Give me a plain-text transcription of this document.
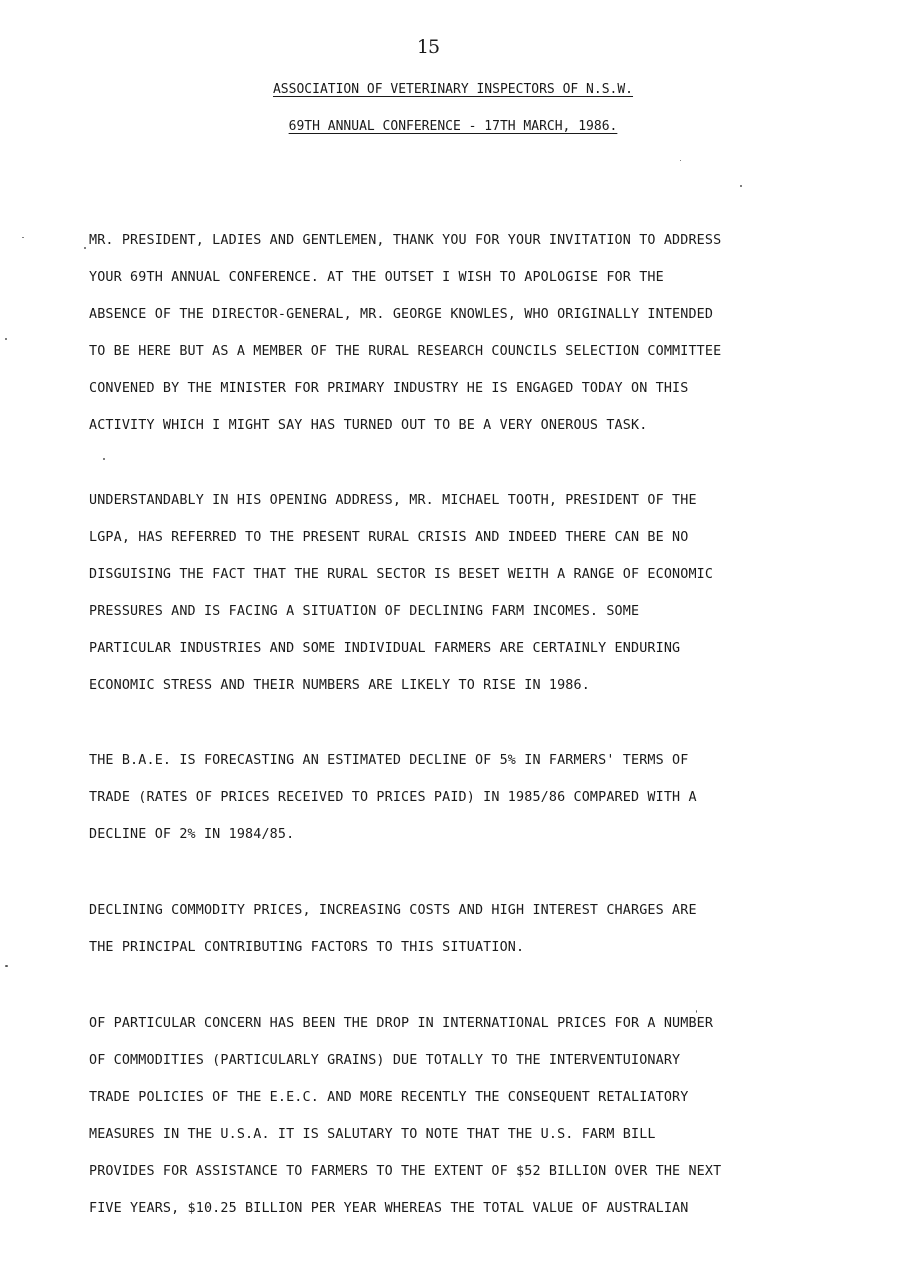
15
ASSOCIATION OF VETERINARY INSPECTORS OF N.S.W.
69TH ANNUAL CONFERENCE - 17TH MARCH, 1986.
MR. PRESIDENT, LADIES AND GENTLEMEN, THANK YOU FOR YOUR INVITATION TO ADDRESS
YOUR 69TH ANNUAL CONFERENCE. AT THE OUTSET I WISH TO APOLOGISE FOR THE
ABSENCE OF THE DIRECTOR-GENERAL, MR. GEORGE KNOWLES, WHO ORIGINALLY INTENDED
TO BE HERE BUT AS A MEMBER OF THE RURAL RESEARCH COUNCILS SELECTION COMMITTEE
CONVENED BY THE MINISTER FOR PRIMARY INDUSTRY HE IS ENGAGED TODAY ON THIS
ACTIVITY WHICH I MIGHT SAY HAS TURNED OUT TO BE A VERY ONEROUS TASK.
UNDERSTANDABLY IN HIS OPENING ADDRESS, MR. MICHAEL TOOTH, PRESIDENT OF THE
LGPA, HAS REFERRED TO THE PRESENT RURAL CRISIS AND INDEED THERE CAN BE NO
DISGUISING THE FACT THAT THE RURAL SECTOR IS BESET WEITH A RANGE OF ECONOMIC
PRESSURES AND IS FACING A SITUATION OF DECLINING FARM INCOMES. SOME
PARTICULAR INDUSTRIES AND SOME INDIVIDUAL FARMERS ARE CERTAINLY ENDURING
ECONOMIC STRESS AND THEIR NUMBERS ARE LIKELY TO RISE IN 1986.
THE B.A.E. IS FORECASTING AN ESTIMATED DECLINE OF 5% IN FARMERS' TERMS OF
TRADE (RATES OF PRICES RECEIVED TO PRICES PAID) IN 1985/86 COMPARED WITH A
DECLINE OF 2% IN 1984/85.
DECLINING COMMODITY PRICES, INCREASING COSTS AND HIGH INTEREST CHARGES ARE
THE PRINCIPAL CONTRIBUTING FACTORS TO THIS SITUATION.
OF PARTICULAR CONCERN HAS BEEN THE DROP IN INTERNATIONAL PRICES FOR A NUMBER
OF COMMODITIES (PARTICULARLY GRAINS) DUE TOTALLY TO THE INTERVENTUIONARY
TRADE POLICIES OF THE E.E.C. AND MORE RECENTLY THE CONSEQUENT RETALIATORY
MEASURES IN THE U.S.A. IT IS SALUTARY TO NOTE THAT THE U.S. FARM BILL
PROVIDES FOR ASSISTANCE TO FARMERS TO THE EXTENT OF $52 BILLION OVER THE NEXT
FIVE YEARS, $10.25 BILLION PER YEAR WHEREAS THE TOTAL VALUE OF AUSTRALIAN
